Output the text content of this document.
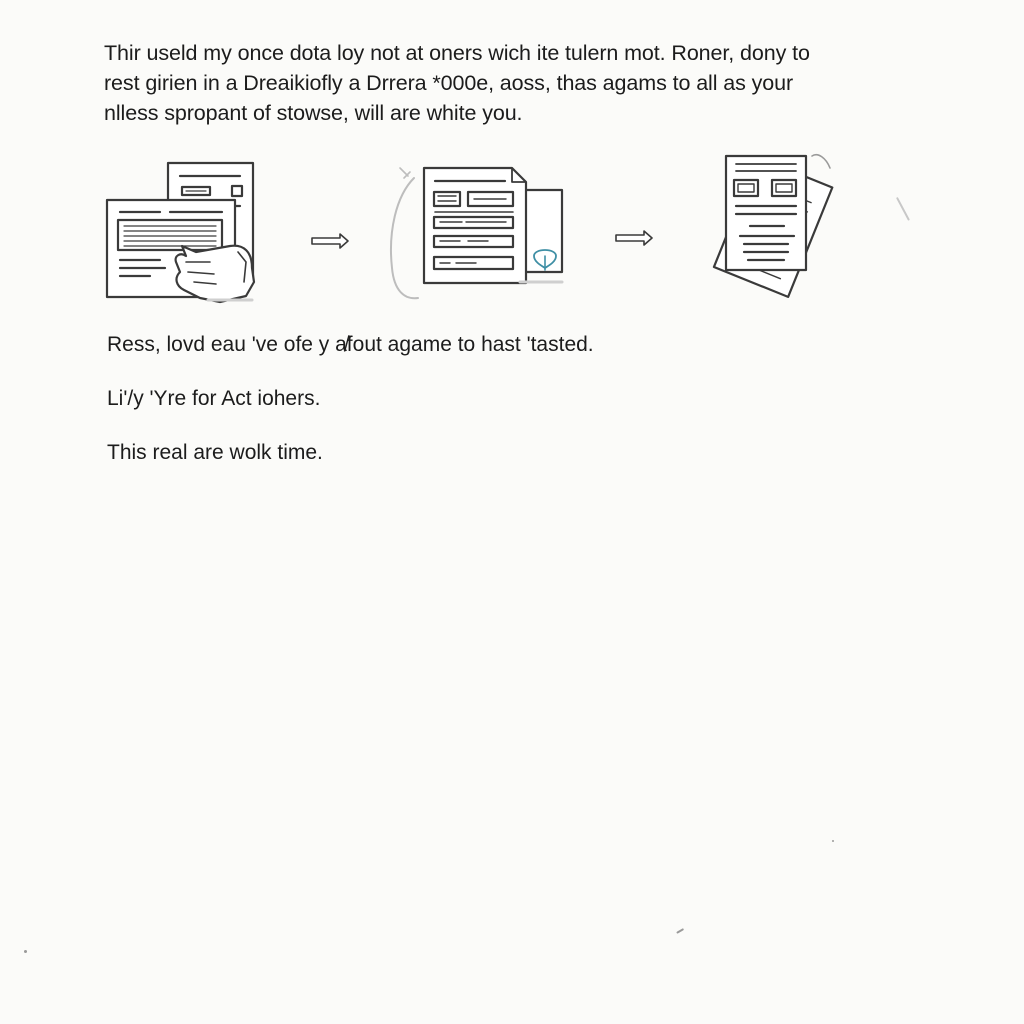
Thir useld my once dota loy not at oners wich ite tulern mot. Roner, dony to
rest girien in a Dreaikiofly a Drrera *000e, aoss, thas agams to all as your
nlless spropant of stowse, will are white you.

Ress, lovd eau 've ofe y a̸fout agame to hast 'tasted.

Li'/y 'Yre for Act iohers.

This real are wolk time.
